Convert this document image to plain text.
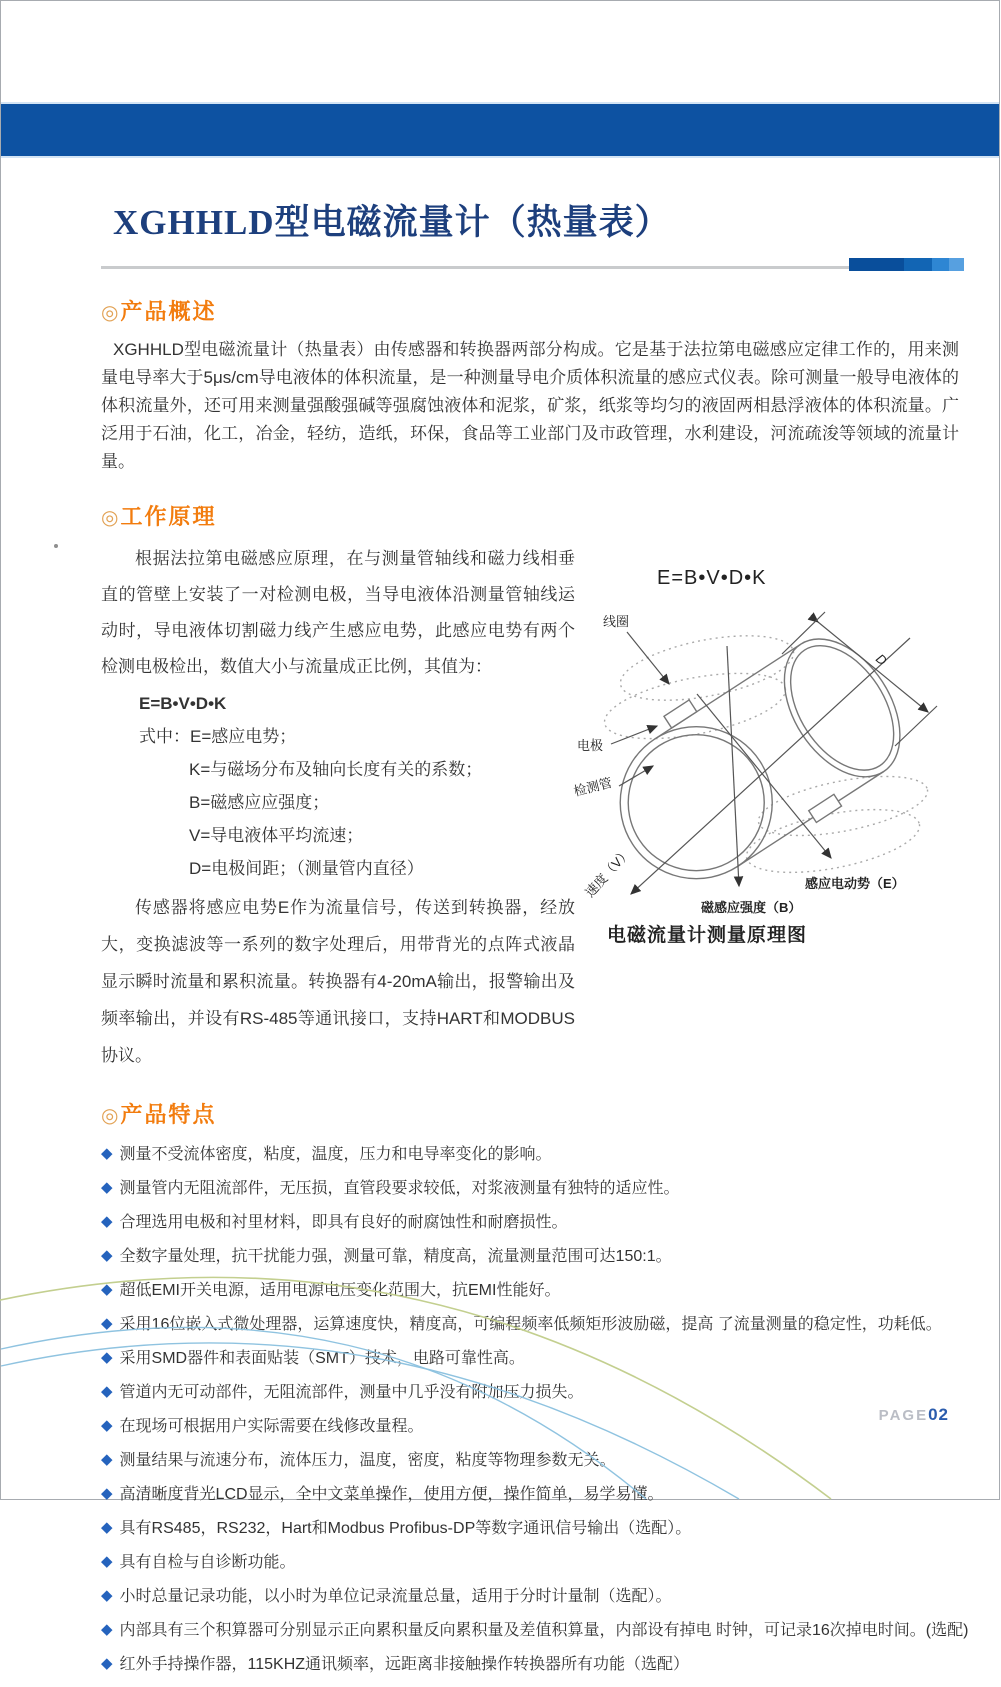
XGHHLD型电磁流量计（热量表）
◎产品概述

XGHHLD型电磁流量计（热量表）由传感器和转换器两部分构成。它是基于法拉第电磁感应定律工作的，用来测量电导率大于5μs/cm导电液体的体积流量，是一种测量导电介质体积流量的感应式仪表。除可测量一般导电液体的体积流量外，还可用来测量强酸强碱等强腐蚀液体和泥浆，矿浆，纸浆等均匀的液固两相悬浮液体的体积流量。广泛用于石油，化工，冶金，轻纺，造纸，环保，食品等工业部门及市政管理，水利建设，河流疏浚等领域的流量计量。

◎工作原理

根据法拉第电磁感应原理，在与测量管轴线和磁力线相垂直的管壁上安装了一对检测电极，当导电液体沿测量管轴线运动时，导电液体切割磁力线产生感应电势，此感应电势有两个检测电极检出，数值大小与流量成正比例，其值为：

E=B•V•D•K
式中：E=感应电势；
K=与磁场分布及轴向长度有关的系数；
B=磁感应应强度；
V=导电液体平均流速；
D=电极间距；（测量管内直径）

传感器将感应电势E作为流量信号，传送到转换器，经放大，变换滤波等一系列的数字处理后，用带背光的点阵式液晶显示瞬时流量和累积流量。转换器有4-20mA输出，报警输出及频率输出，并设有RS-485等通讯接口，支持HART和MODBUS协议。

E=B•V•D•K
线圈
电极
检测管
速度（V）
磁感应强度（B）
感应电动势（E）
D
电磁流量计测量原理图
◎产品特点
◆ 测量不受流体密度，粘度，温度，压力和电导率变化的影响。
◆ 测量管内无阻流部件，无压损，直管段要求较低，对浆液测量有独特的适应性。
◆ 合理选用电极和衬里材料，即具有良好的耐腐蚀性和耐磨损性。
◆ 全数字量处理，抗干扰能力强，测量可靠，精度高，流量测量范围可达150:1。
◆ 超低EMI开关电源，适用电源电压变化范围大，抗EMI性能好。
◆ 采用16位嵌入式微处理器，运算速度快，精度高，可编程频率低频矩形波励磁，提高 了流量测量的稳定性，功耗低。
◆ 采用SMD器件和表面贴装（SMT）技术，电路可靠性高。
◆ 管道内无可动部件，无阻流部件，测量中几乎没有附加压力损失。
◆ 在现场可根据用户实际需要在线修改量程。
◆ 测量结果与流速分布，流体压力，温度，密度，粘度等物理参数无关。
◆ 高清晰度背光LCD显示，全中文菜单操作，使用方便，操作简单，易学易懂。
◆ 具有RS485，RS232，Hart和Modbus Profibus-DP等数字通讯信号输出（选配）。
◆ 具有自检与自诊断功能。
◆ 小时总量记录功能，以小时为单位记录流量总量，适用于分时计量制（选配）。
◆ 内部具有三个积算器可分别显示正向累积量反向累积量及差值积算量，内部设有掉电 时钟，可记录16次掉电时间。(选配)
◆ 红外手持操作器，115KHZ通讯频率，远距离非接触操作转换器所有功能（选配）
PAGE02
